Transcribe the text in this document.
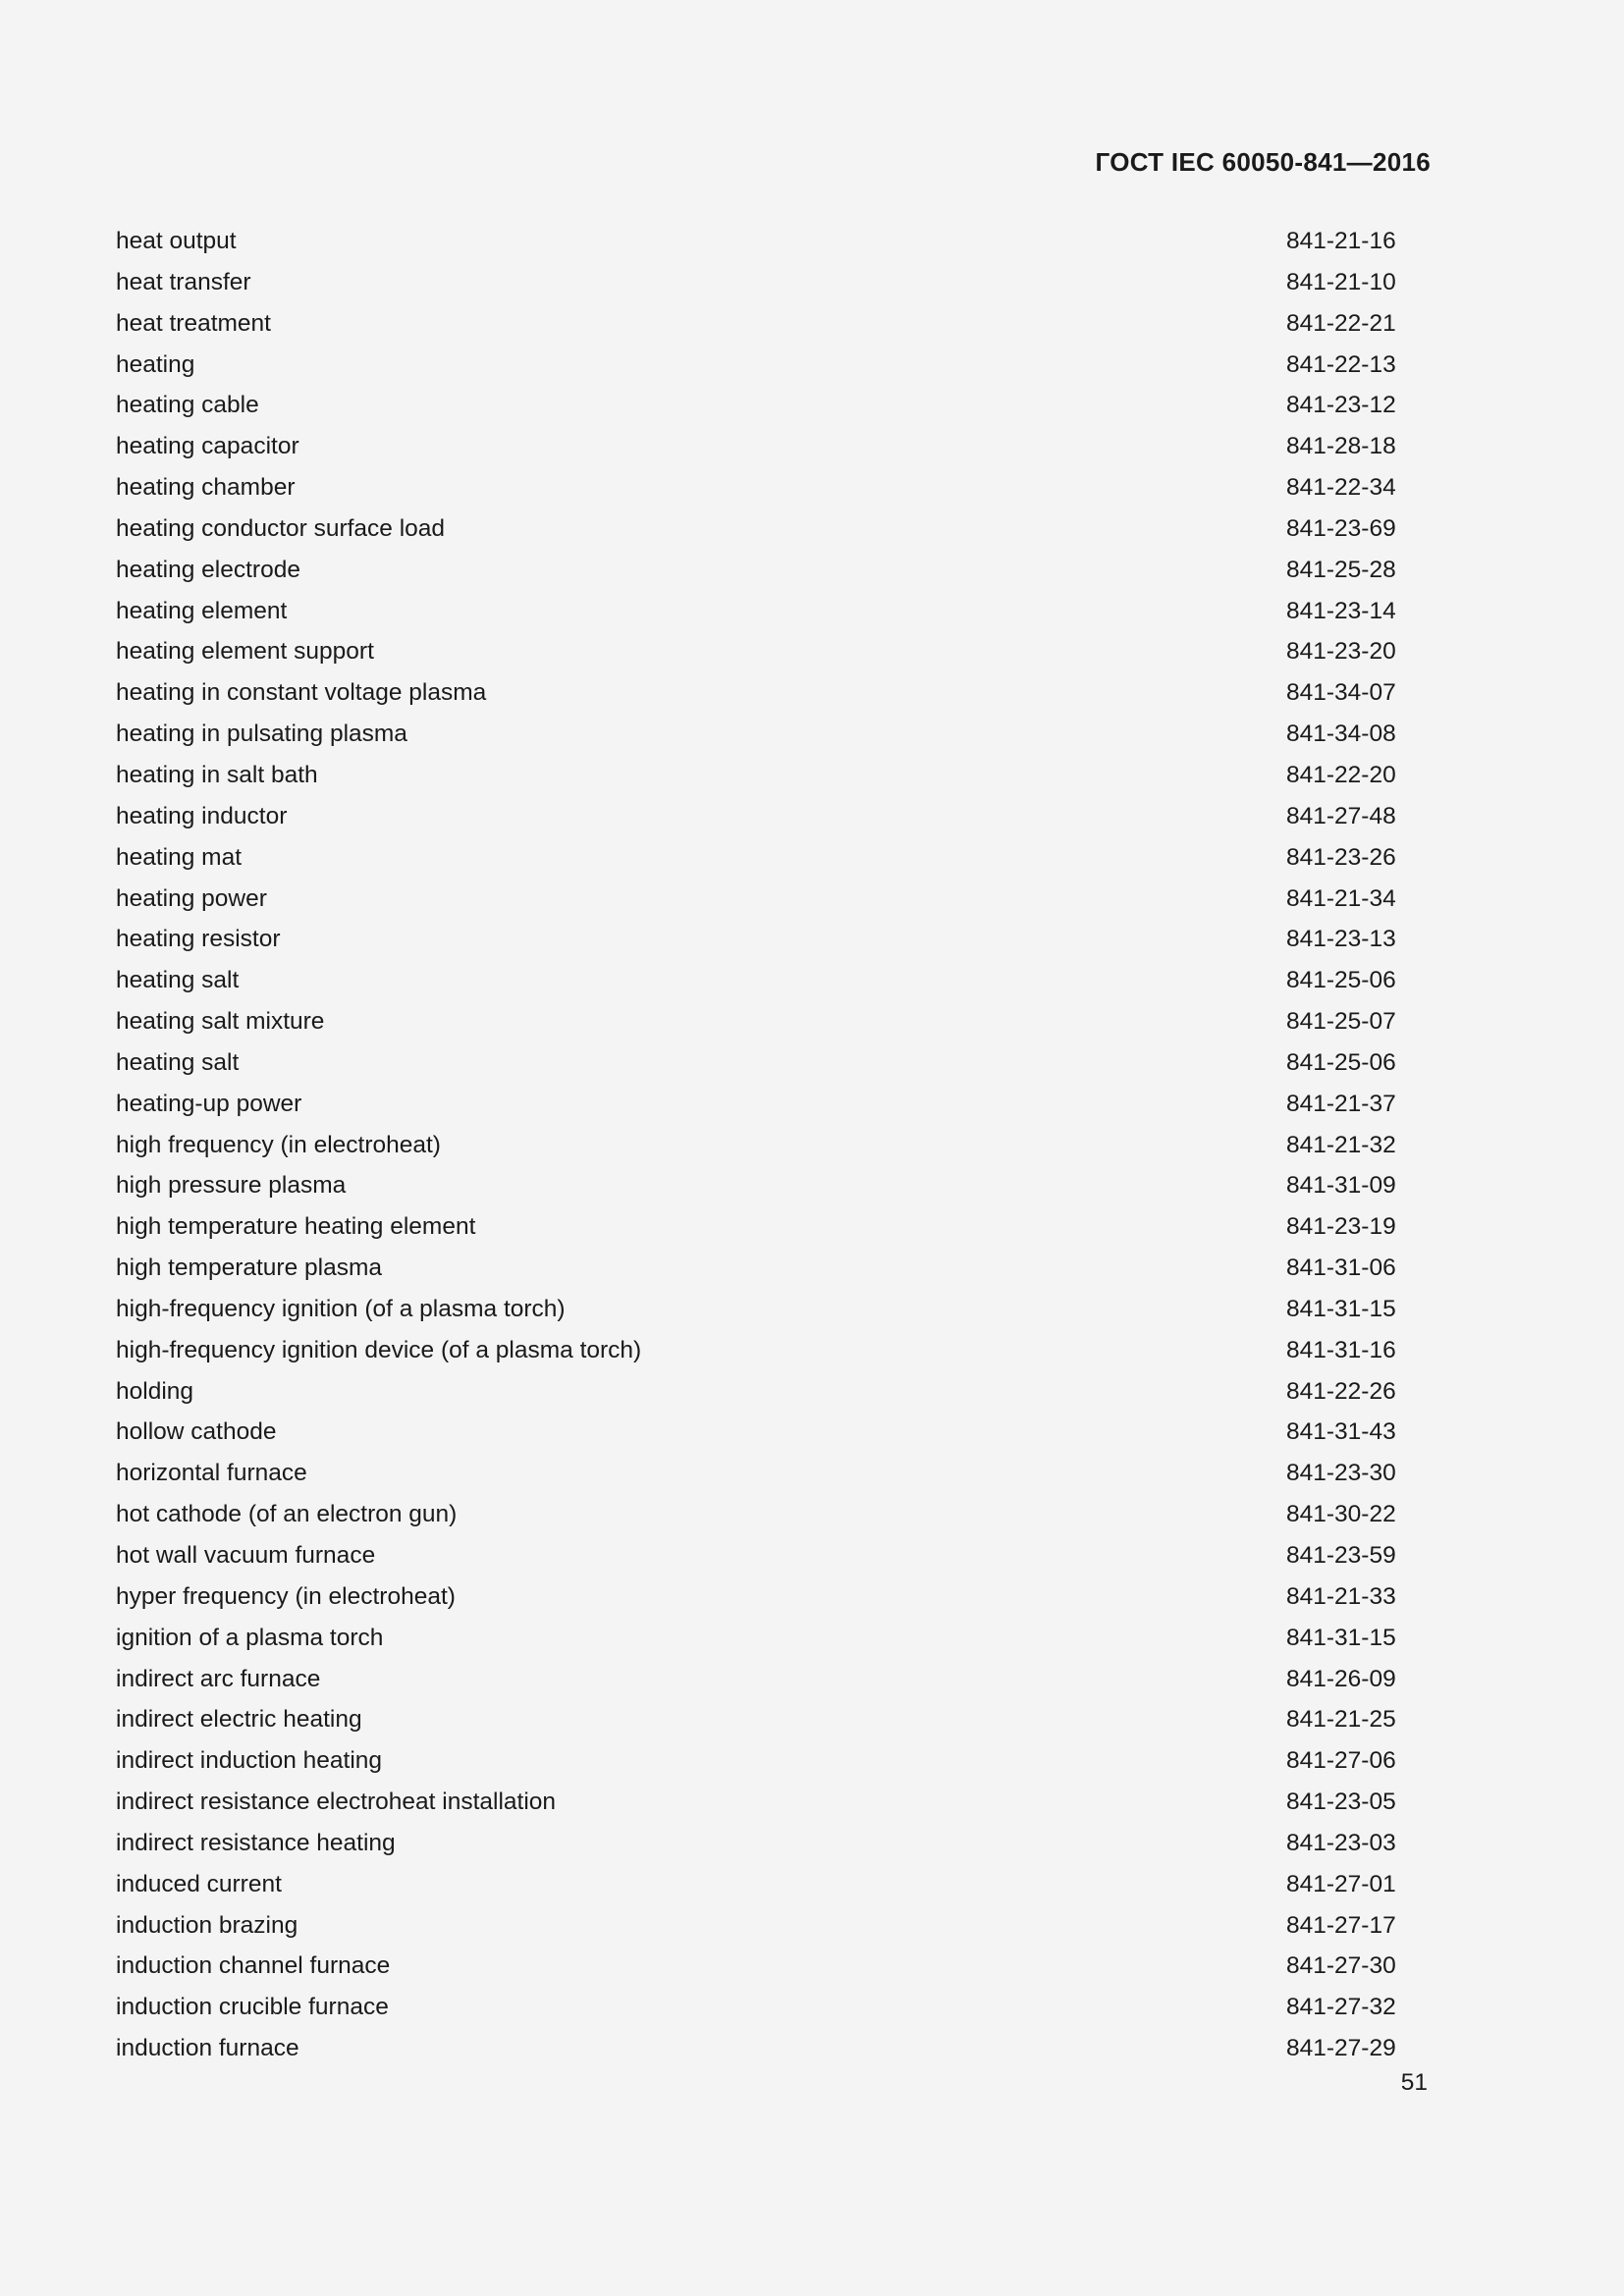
ГОСТ IEC 60050-841—2016
heat output	841-21-16
heat transfer	841-21-10
heat treatment	841-22-21
heating	841-22-13
heating cable	841-23-12
heating capacitor	841-28-18
heating chamber	841-22-34
heating conductor surface load	841-23-69
heating electrode	841-25-28
heating element	841-23-14
heating element support	841-23-20
heating in constant voltage plasma	841-34-07
heating in pulsating plasma	841-34-08
heating in salt bath	841-22-20
heating inductor	841-27-48
heating mat	841-23-26
heating power	841-21-34
heating resistor	841-23-13
heating salt	841-25-06
heating salt mixture	841-25-07
heating salt	841-25-06
heating-up power	841-21-37
high frequency (in electroheat)	841-21-32
high pressure plasma	841-31-09
high temperature heating element	841-23-19
high temperature plasma	841-31-06
high-frequency ignition (of a plasma torch)	841-31-15
high-frequency ignition device (of a plasma torch)	841-31-16
holding	841-22-26
hollow cathode	841-31-43
horizontal furnace	841-23-30
hot cathode (of an electron gun)	841-30-22
hot wall vacuum furnace	841-23-59
hyper frequency (in electroheat)	841-21-33
ignition of a plasma torch	841-31-15
indirect arc furnace	841-26-09
indirect electric heating	841-21-25
indirect induction heating	841-27-06
indirect resistance electroheat installation	841-23-05
indirect resistance heating	841-23-03
induced current	841-27-01
induction brazing	841-27-17
induction channel furnace	841-27-30
induction crucible furnace	841-27-32
induction furnace	841-27-29
51
